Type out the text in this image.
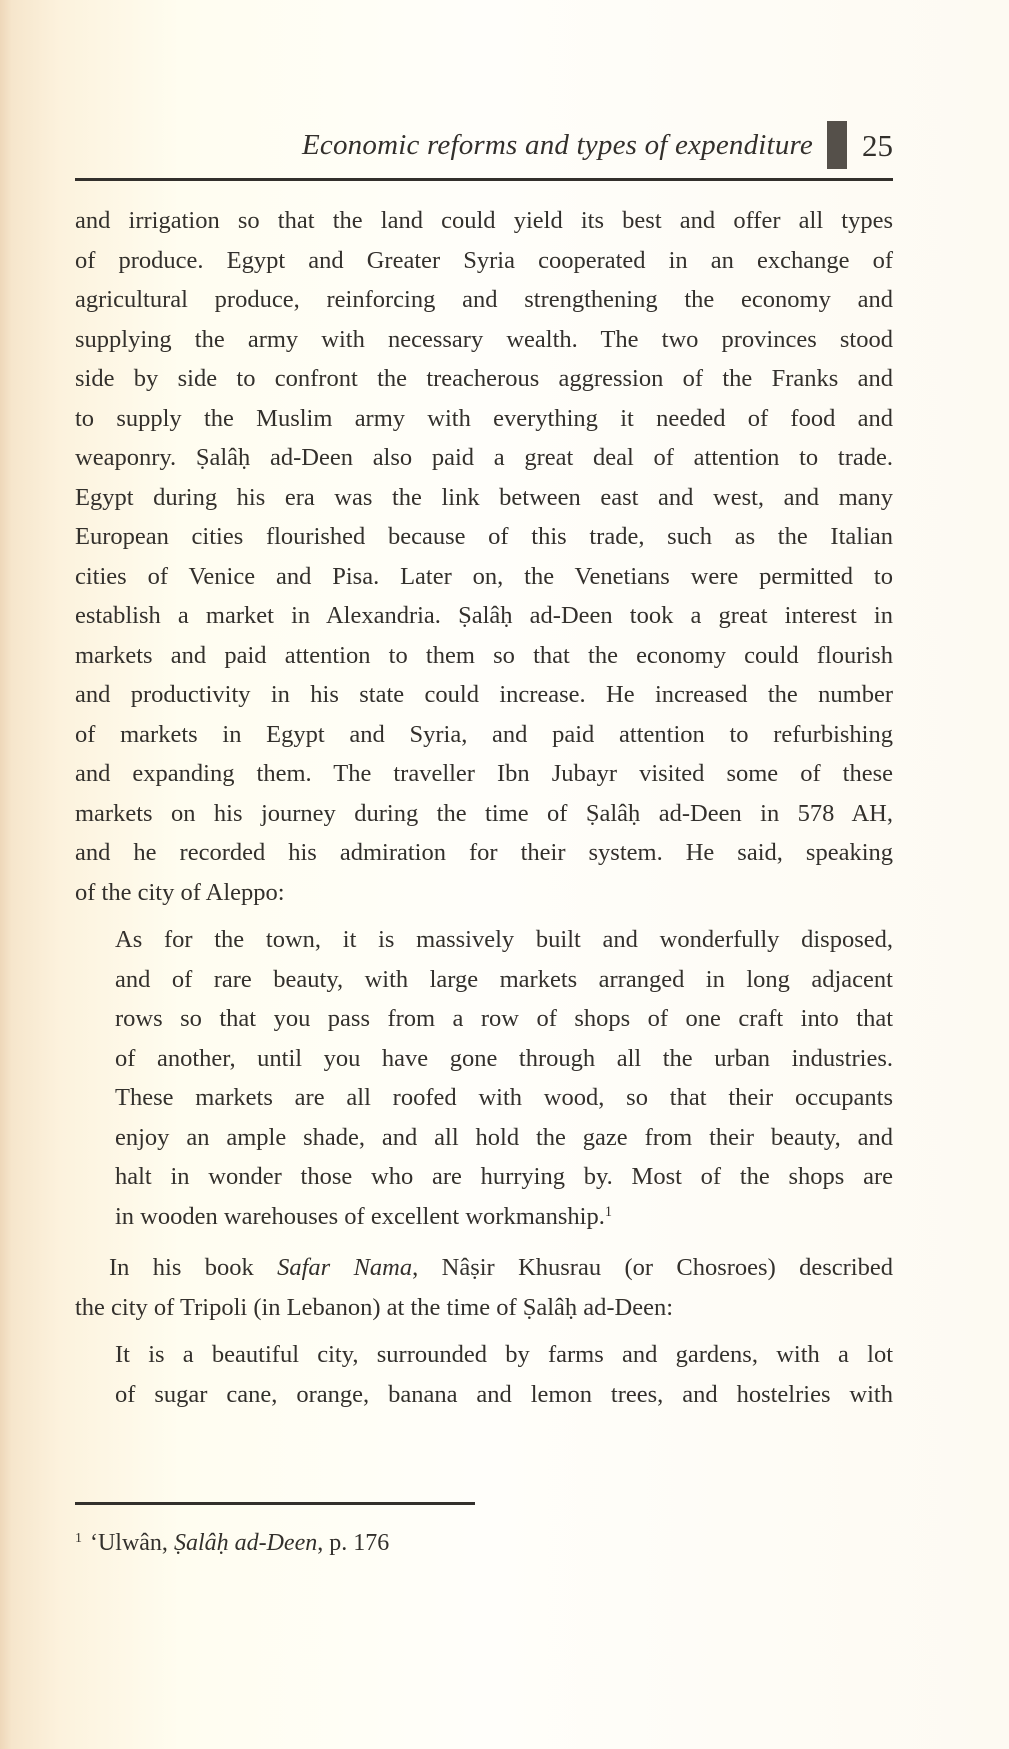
Economic reforms and types of expenditure 25
and irrigation so that the land could yield its best and offer all types
of produce. Egypt and Greater Syria cooperated in an exchange of
agricultural produce, reinforcing and strengthening the economy and
supplying the army with necessary wealth. The two provinces stood
side by side to confront the treacherous aggression of the Franks and
to supply the Muslim army with everything it needed of food and
weaponry. Ṣalâḥ ad-Deen also paid a great deal of attention to trade.
Egypt during his era was the link between east and west, and many
European cities flourished because of this trade, such as the Italian
cities of Venice and Pisa. Later on, the Venetians were permitted to
establish a market in Alexandria. Ṣalâḥ ad-Deen took a great interest in
markets and paid attention to them so that the economy could flourish
and productivity in his state could increase. He increased the number
of markets in Egypt and Syria, and paid attention to refurbishing
and expanding them. The traveller Ibn Jubayr visited some of these
markets on his journey during the time of Ṣalâḥ ad-Deen in 578 AH,
and he recorded his admiration for their system. He said, speaking
of the city of Aleppo:
As for the town, it is massively built and wonderfully disposed,
and of rare beauty, with large markets arranged in long adjacent
rows so that you pass from a row of shops of one craft into that
of another, until you have gone through all the urban industries.
These markets are all roofed with wood, so that their occupants
enjoy an ample shade, and all hold the gaze from their beauty, and
halt in wonder those who are hurrying by. Most of the shops are
in wooden warehouses of excellent workmanship.$^1$
In his book Safar Nama, Nâṣir Khusrau (or Chosroes) described
the city of Tripoli (in Lebanon) at the time of Ṣalâḥ ad-Deen:
It is a beautiful city, surrounded by farms and gardens, with a lot
of sugar cane, orange, banana and lemon trees, and hostelries with
$^1$ ‘Ulwân, Ṣalâḥ ad-Deen, p. 176
